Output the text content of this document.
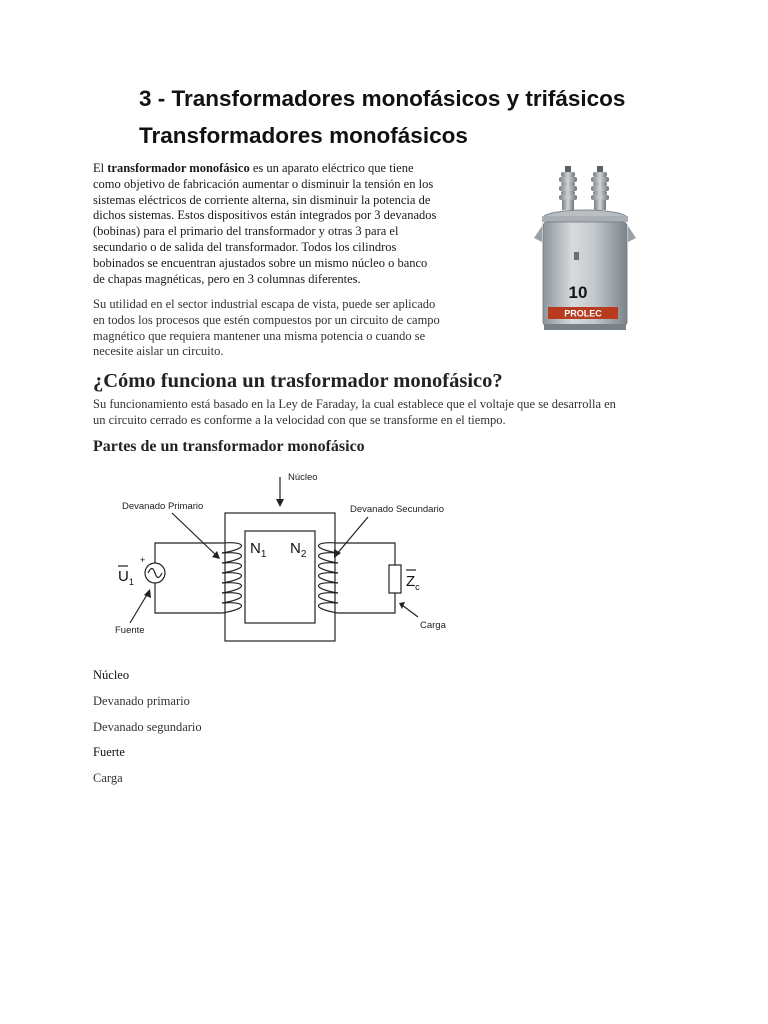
3 - Transformadores monofásicos y trifásicos
Transformadores monofásicos
El transformador monofásico es un aparato eléctrico que tiene
como objetivo de fabricación aumentar o disminuir la tensión en los
sistemas eléctricos de corriente alterna, sin disminuir la potencia de
dichos sistemas. Estos dispositivos están integrados por 3 devanados
(bobinas) para el primario del transformador y otras 3 para el
secundario o de salida del transformador. Todos los cilindros
bobinados se encuentran ajustados sobre un mismo núcleo o banco
de chapas magnéticas, pero en 3 columnas diferentes.
Su utilidad en el sector industrial escapa de vista, puede ser aplicado
en todos los procesos que estén compuestos por un circuito de campo
magnético que requiera mantener una misma potencia o cuando se
necesite aislar un circuito.
10
PROLEC
¿Cómo funciona un trasformador monofásico?
Su funcionamiento está basado en la Ley de Faraday, la cual establece que el voltaje que se desarrolla en
un circuito cerrado es conforme a la velocidad con que se transforme en el tiempo.
Partes de un transformador monofásico
Núcleo
Devanado Primario	Devanado Secundario
Fuente	Carga
$N_1$ $N_2$
+
$U_1$	$Z_c$
Núcleo
Devanado primario
Devanado segundario
Fuerte
Carga
